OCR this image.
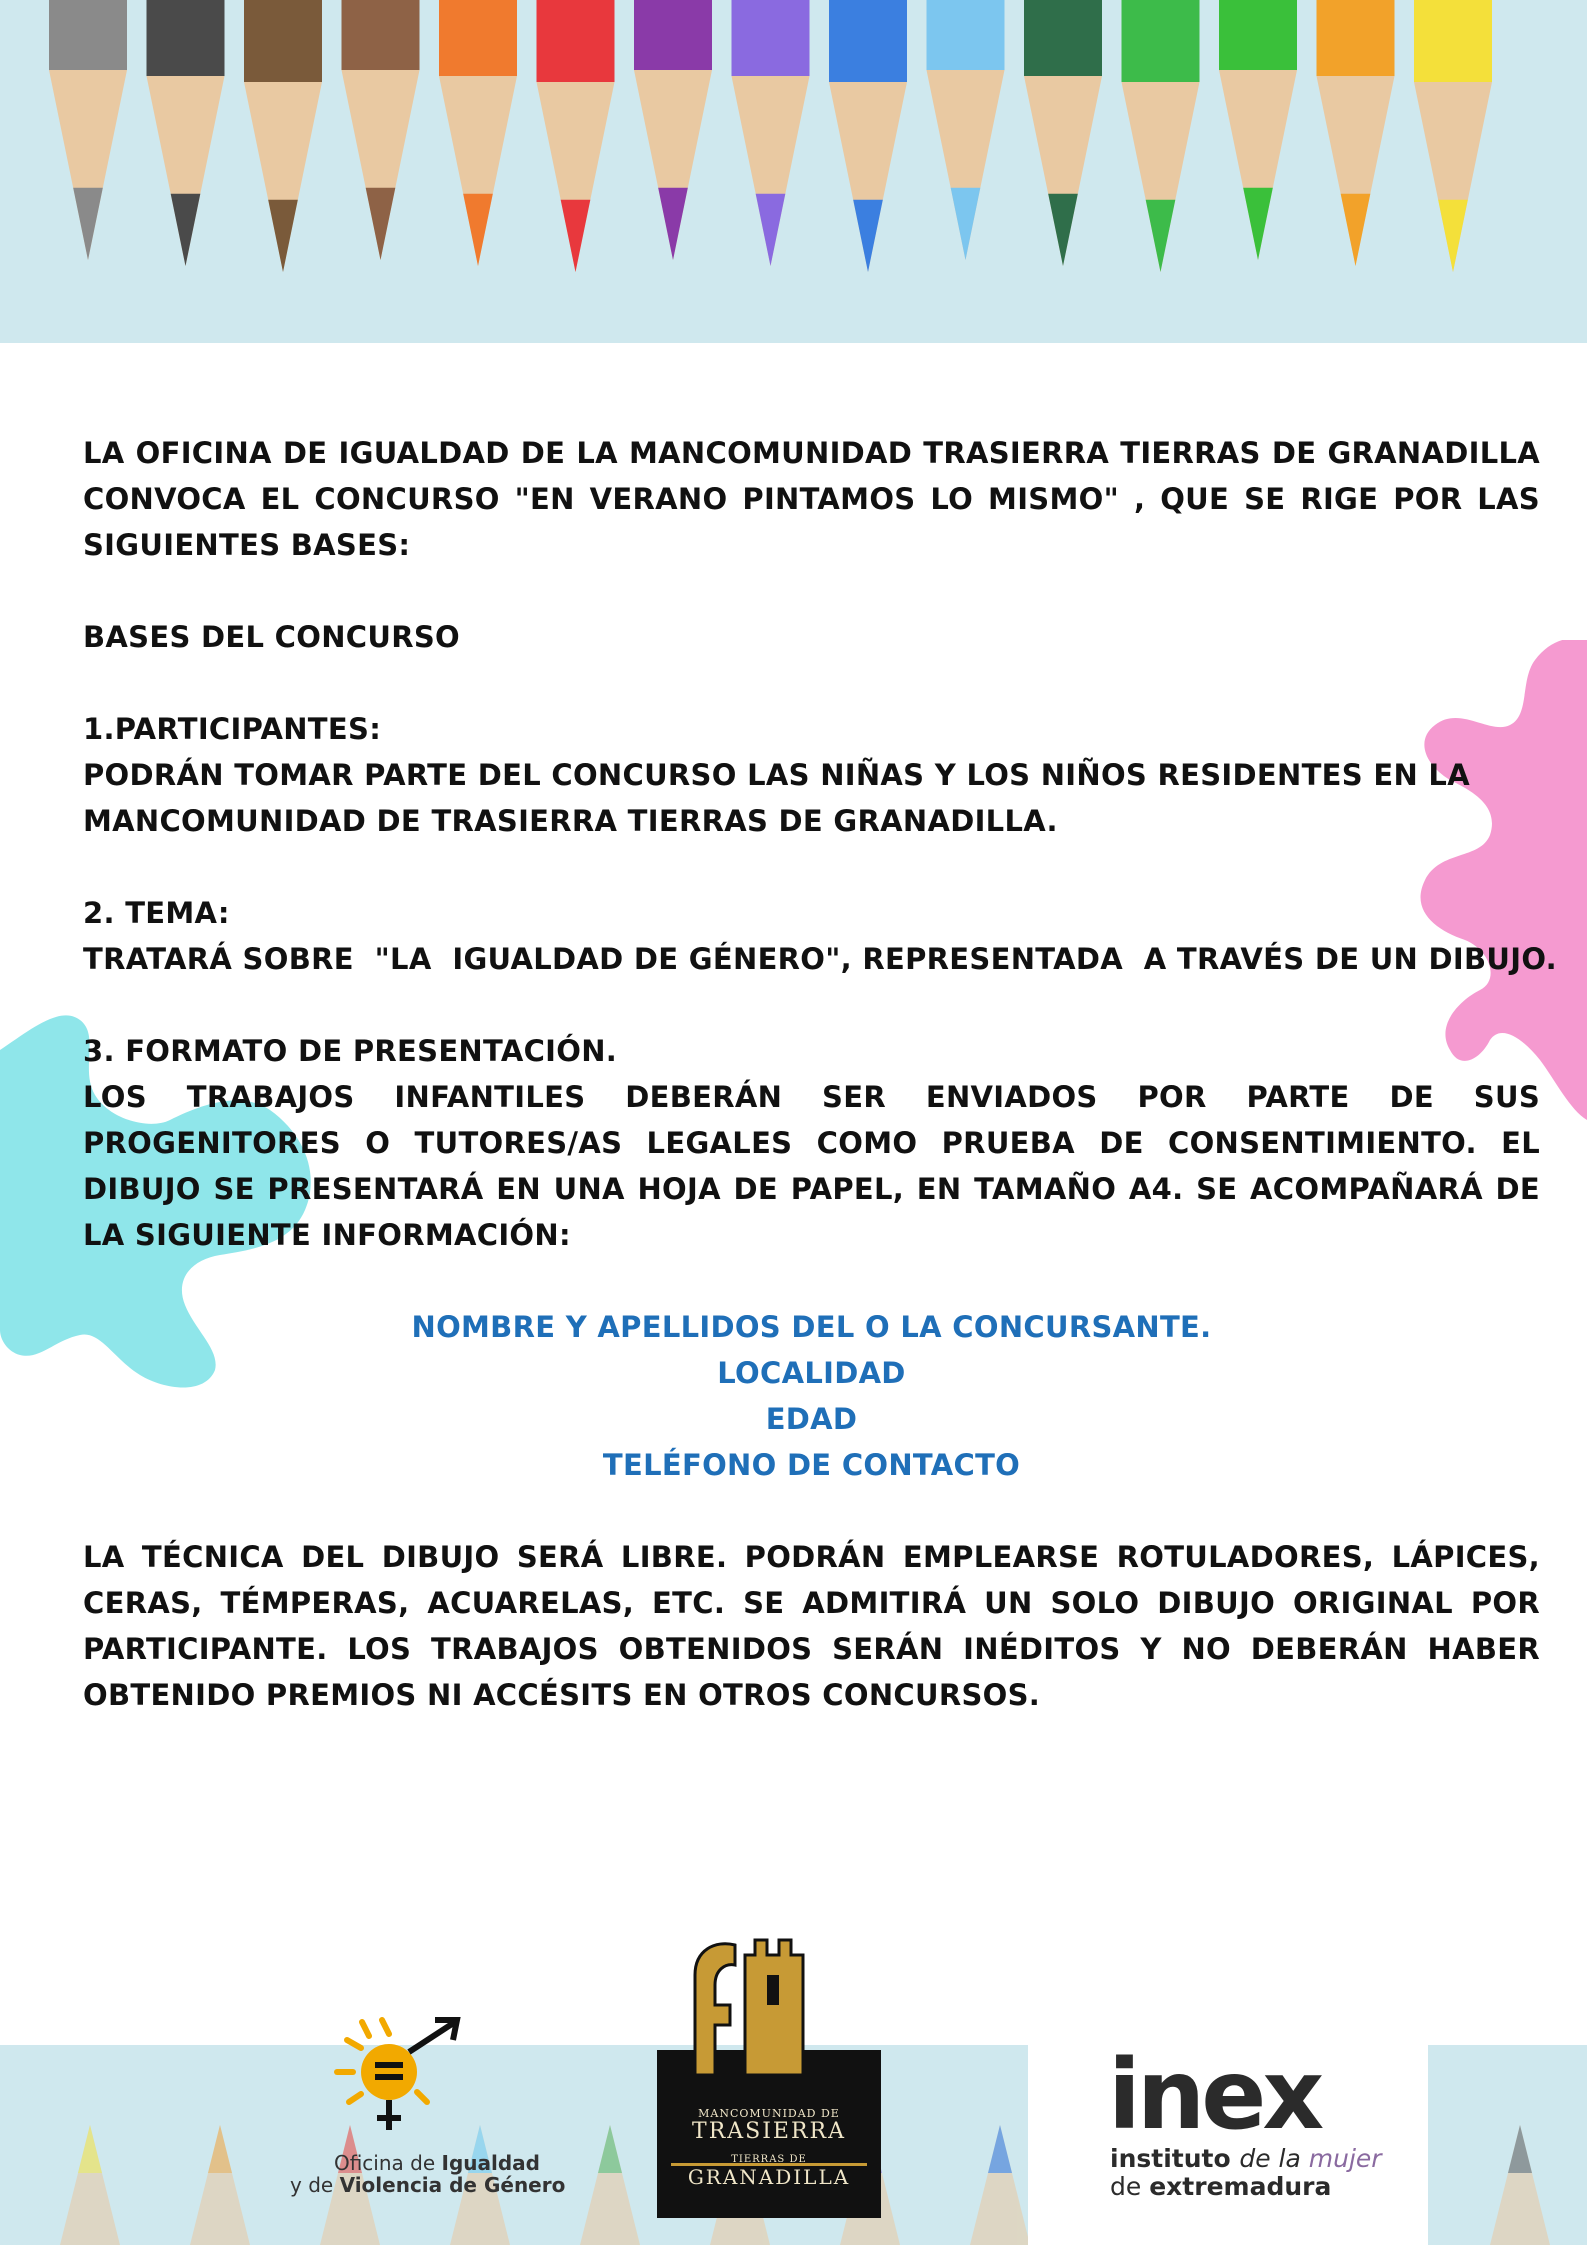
LA OFICINA DE IGUALDAD DE LA MANCOMUNIDAD TRASIERRA TIERRAS DE GRANADILLA CONVOCA EL CONCURSO "EN VERANO PINTAMOS LO MISMO" , QUE SE RIGE POR LAS SIGUIENTES BASES:

BASES DEL CONCURSO

1.PARTICIPANTES:

PODRÁN TOMAR PARTE DEL CONCURSO LAS NIÑAS Y LOS NIÑOS RESIDENTES EN LA

MANCOMUNIDAD DE TRASIERRA TIERRAS DE GRANADILLA.

2. TEMA:

TRATARÁ SOBRE  "LA  IGUALDAD DE GÉNERO", REPRESENTADA  A TRAVÉS DE UN DIBUJO.

3. FORMATO DE PRESENTACIÓN.

LOS TRABAJOS INFANTILES DEBERÁN SER ENVIADOS POR PARTE DE SUS PROGENITORES O TUTORES/AS LEGALES COMO PRUEBA DE CONSENTIMIENTO. EL DIBUJO SE PRESENTARÁ EN UNA HOJA DE PAPEL, EN TAMAÑO A4. SE ACOMPAÑARÁ DE LA SIGUIENTE INFORMACIÓN:

NOMBRE Y APELLIDOS DEL O LA CONCURSANTE.
LOCALIDAD
EDAD
TELÉFONO DE CONTACTO

LA TÉCNICA DEL DIBUJO SERÁ LIBRE. PODRÁN EMPLEARSE ROTULADORES, LÁPICES, CERAS, TÉMPERAS, ACUARELAS, ETC. SE ADMITIRÁ UN SOLO DIBUJO ORIGINAL POR PARTICIPANTE. LOS TRABAJOS OBTENIDOS SERÁN INÉDITOS Y NO DEBERÁN HABER OBTENIDO PREMIOS NI ACCÉSITS EN OTROS CONCURSOS.

Oficina de Igualdad
y de Violencia de Género
MANCOMUNIDAD DE
TRASIERRA
TIERRAS DE
GRANADILLA
inex
instituto de la mujer
de extremadura
